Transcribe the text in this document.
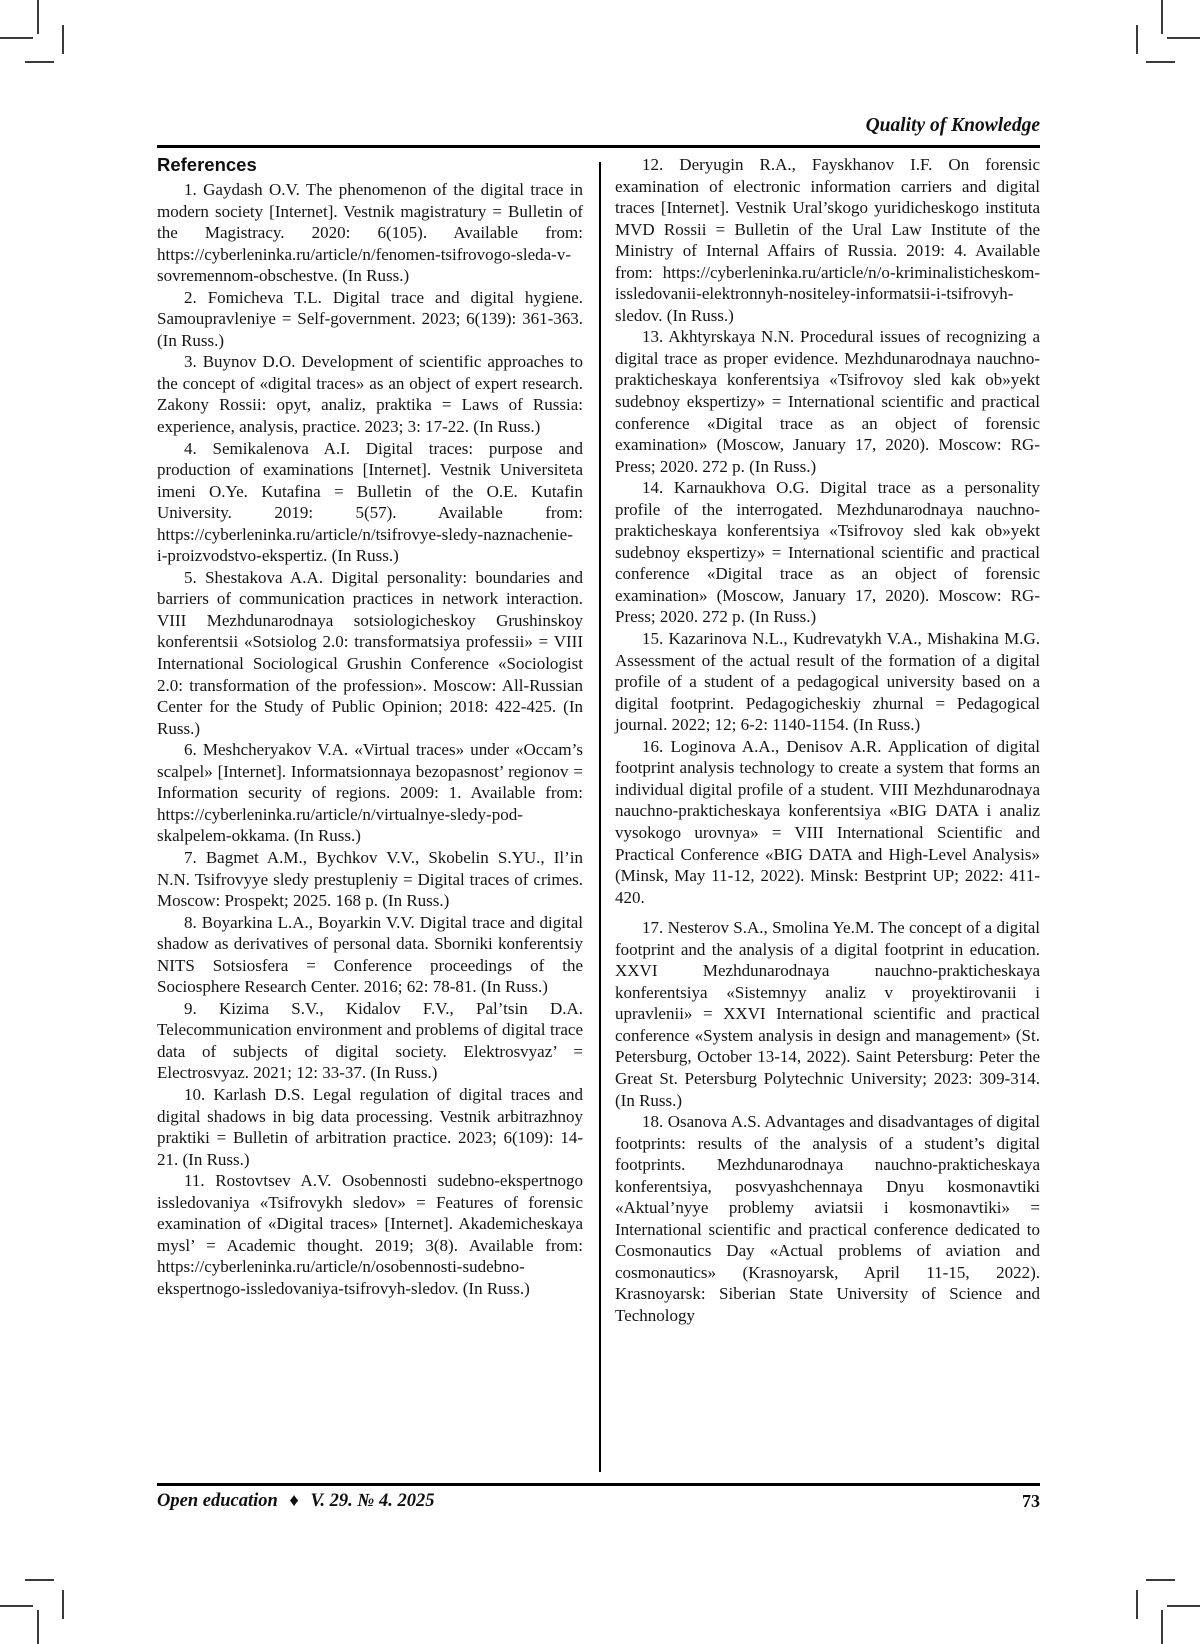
Quality of Knowledge
References

1. Gaydash O.V. The phenomenon of the digital trace in modern society [Internet]. Vestnik magistratury = Bulletin of the Magistracy. 2020: 6(105). Available from: https://cyberleninka.ru/article/n/fenomen-tsifrovogo-sleda-v-sovremennom-obschestve. (In Russ.)

2. Fomicheva T.L. Digital trace and digital hygiene. Samoupravleniye = Self-government. 2023; 6(139): 361-363. (In Russ.)

3. Buynov D.O. Development of scientific approaches to the concept of «digital traces» as an object of expert research. Zakony Rossii: opyt, analiz, praktika = Laws of Russia: experience, analysis, practice. 2023; 3: 17-22. (In Russ.)

4. Semikalenova A.I. Digital traces: purpose and production of examinations [Internet]. Vestnik Universiteta imeni O.Ye. Kutafina = Bulletin of the O.E. Kutafin University. 2019: 5(57). Available from: https://cyberleninka.ru/article/n/tsifrovye-sledy-naznachenie-i-proizvodstvo-ekspertiz. (In Russ.)

5. Shestakova A.A. Digital personality: boundaries and barriers of communication practices in network interaction. VIII Mezhdunarodnaya sotsiologicheskoy Grushinskoy konferentsii «Sotsiolog 2.0: transformatsiya professii» = VIII International Sociological Grushin Conference «Sociologist 2.0: transformation of the profession». Moscow: All-Russian Center for the Study of Public Opinion; 2018: 422-425. (In Russ.)

6. Meshcheryakov V.A. «Virtual traces» under «Occam’s scalpel» [Internet]. Informatsionnaya bezopasnost’ regionov = Information security of regions. 2009: 1. Available from: https://cyberleninka.ru/article/n/virtualnye-sledy-pod-skalpelem-okkama. (In Russ.)

7. Bagmet A.M., Bychkov V.V., Skobelin S.YU., Il’in N.N. Tsifrovyye sledy prestupleniy = Digital traces of crimes. Moscow: Prospekt; 2025. 168 p. (In Russ.)

8. Boyarkina L.A., Boyarkin V.V. Digital trace and digital shadow as derivatives of personal data. Sborniki konferentsiy NITS Sotsiosfera = Conference proceedings of the Sociosphere Research Center. 2016; 62: 78-81. (In Russ.)

9. Kizima S.V., Kidalov F.V., Pal’tsin D.A. Telecommunication environment and problems of digital trace data of subjects of digital society. Elektrosvyaz’ = Electrosvyaz. 2021; 12: 33-37. (In Russ.)

10. Karlash D.S. Legal regulation of digital traces and digital shadows in big data processing. Vestnik arbitrazhnoy praktiki = Bulletin of arbitration practice. 2023; 6(109): 14-21. (In Russ.)

11. Rostovtsev A.V. Osobennosti sudebno-ekspertnogo issledovaniya «Tsifrovykh sledov» = Features of forensic examination of «Digital traces» [Internet]. Akademicheskaya mysl’ = Academic thought. 2019; 3(8). Available from: https://cyberleninka.ru/article/n/osobennosti-sudebno-ekspertnogo-issledovaniya-tsifrovyh-sledov. (In Russ.)

12. Deryugin R.A., Fayskhanov I.F. On forensic examination of electronic information carriers and digital traces [Internet]. Vestnik Ural’skogo yuridicheskogo instituta MVD Rossii = Bulletin of the Ural Law Institute of the Ministry of Internal Affairs of Russia. 2019: 4. Available from: https://cyberleninka.ru/article/n/o-kriminalisticheskom-issledovanii-elektronnyh-nositeley-informatsii-i-tsifrovyh-sledov. (In Russ.)

13. Akhtyrskaya N.N. Procedural issues of recognizing a digital trace as proper evidence. Mezhdunarodnaya nauchno-prakticheskaya konferentsiya «Tsifrovoy sled kak ob»yekt sudebnoy ekspertizy» = International scientific and practical conference «Digital trace as an object of forensic examination» (Moscow, January 17, 2020). Moscow: RG-Press; 2020. 272 p. (In Russ.)

14. Karnaukhova O.G. Digital trace as a personality profile of the interrogated. Mezhdunarodnaya nauchno-prakticheskaya konferentsiya «Tsifrovoy sled kak ob»yekt sudebnoy ekspertizy» = International scientific and practical conference «Digital trace as an object of forensic examination» (Moscow, January 17, 2020). Moscow: RG-Press; 2020. 272 p. (In Russ.)

15. Kazarinova N.L., Kudrevatykh V.A., Mishakina M.G. Assessment of the actual result of the formation of a digital profile of a student of a pedagogical university based on a digital footprint. Pedagogicheskiy zhurnal = Pedagogical journal. 2022; 12; 6-2: 1140-1154. (In Russ.)

16. Loginova A.A., Denisov A.R. Application of digital footprint analysis technology to create a system that forms an individual digital profile of a student. VIII Mezhdunarodnaya nauchno-prakticheskaya konferentsiya «BIG DATA i analiz vysokogo urovnya» = VIII International Scientific and Practical Conference «BIG DATA and High-Level Analysis» (Minsk, May 11-12, 2022). Minsk: Bestprint UP; 2022: 411-420.

17. Nesterov S.A., Smolina Ye.M. The concept of a digital footprint and the analysis of a digital footprint in education. XXVI Mezhdunarodnaya nauchno-prakticheskaya konferentsiya «Sistemnyy analiz v proyektirovanii i upravlenii» = XXVI International scientific and practical conference «System analysis in design and management» (St. Petersburg, October 13-14, 2022). Saint Petersburg: Peter the Great St. Petersburg Polytechnic University; 2023: 309-314. (In Russ.)

18. Osanova A.S. Advantages and disadvantages of digital footprints: results of the analysis of a student’s digital footprints. Mezhdunarodnaya nauchno-prakticheskaya konferentsiya, posvyashchennaya Dnyu kosmonavtiki «Aktual’nyye problemy aviatsii i kosmonavtiki» = International scientific and practical conference dedicated to Cosmonautics Day «Actual problems of aviation and cosmonautics» (Krasnoyarsk, April 11-15, 2022). Krasnoyarsk: Siberian State University of Science and Technology

Open education ♦ V. 29. № 4. 2025	73
